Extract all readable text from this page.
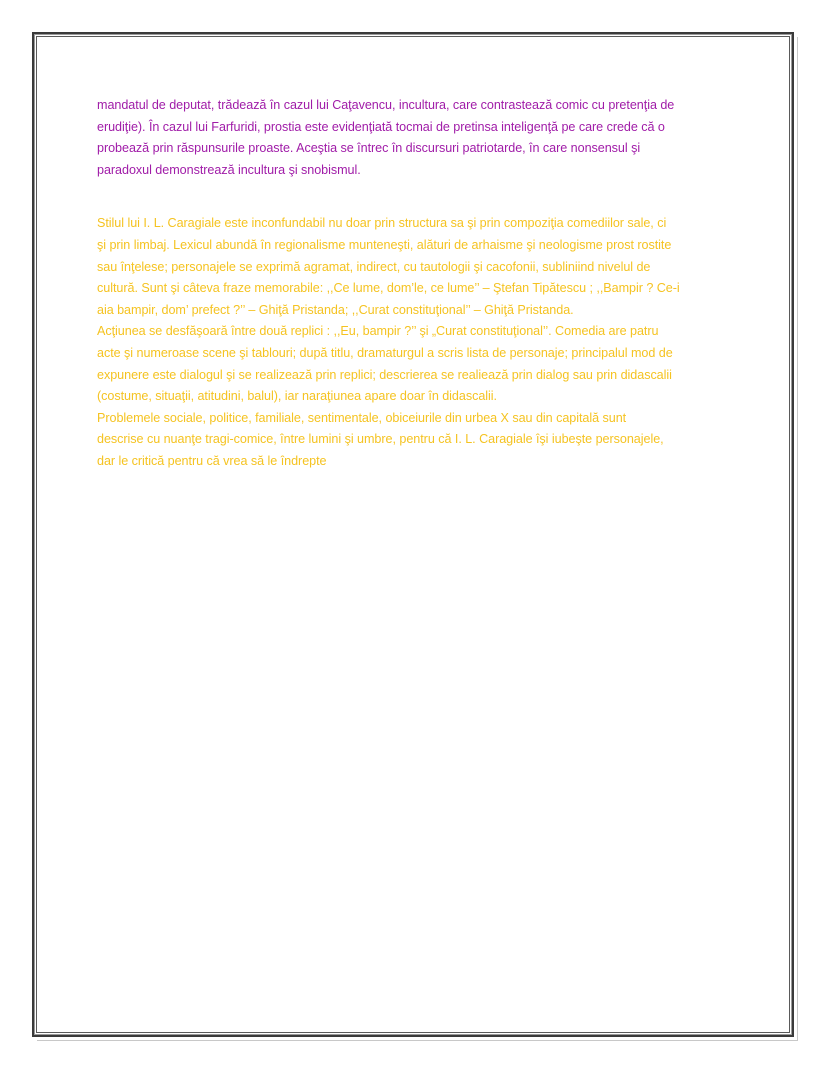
mandatul de deputat, trădează în cazul lui Caţavencu, incultura, care contrastează comic cu pretenţia de
erudiţie). În cazul lui Farfuridi, prostia este evidenţiată tocmai de pretinsa inteligenţă pe care crede că o
probează prin răspunsurile proaste. Aceştia se întrec în discursuri patriotarde, în care nonsensul şi
paradoxul demonstrează incultura şi snobismul.

Stilul lui I. L. Caragiale este inconfundabil nu doar prin structura sa şi prin compoziţia comediilor sale, ci
şi prin limbaj. Lexicul abundă în regionalisme munteneşti, alături de arhaisme şi neologisme prost rostite
sau înţelese; personajele se exprimă agramat, indirect, cu tautologii şi cacofonii, subliniind nivelul de
cultură. Sunt şi câteva fraze memorabile: ,,Ce lume, dom’le, ce lume’’ – Ştefan Tipătescu ; ,,Bampir ? Ce-i
aia bampir, dom’ prefect ?’’ – Ghiţă Pristanda; ,,Curat constituţional’’ – Ghiţă Pristanda.
Acţiunea se desfăşoară între două replici : ,,Eu, bampir ?’’ şi „Curat constituţional’’. Comedia are patru
acte şi numeroase scene şi tablouri; după titlu, dramaturgul a scris lista de personaje; principalul mod de
expunere este dialogul şi se realizează prin replici; descrierea se realiează prin dialog sau prin didascalii
(costume, situaţii, atitudini, balul), iar naraţiunea apare doar în didascalii.
Problemele sociale, politice, familiale, sentimentale, obiceiurile din urbea X sau din capitală sunt
descrise cu nuanţe tragi-comice, între lumini şi umbre, pentru că I. L. Caragiale îşi iubeşte personajele,
dar le critică pentru că vrea să le îndrepte
